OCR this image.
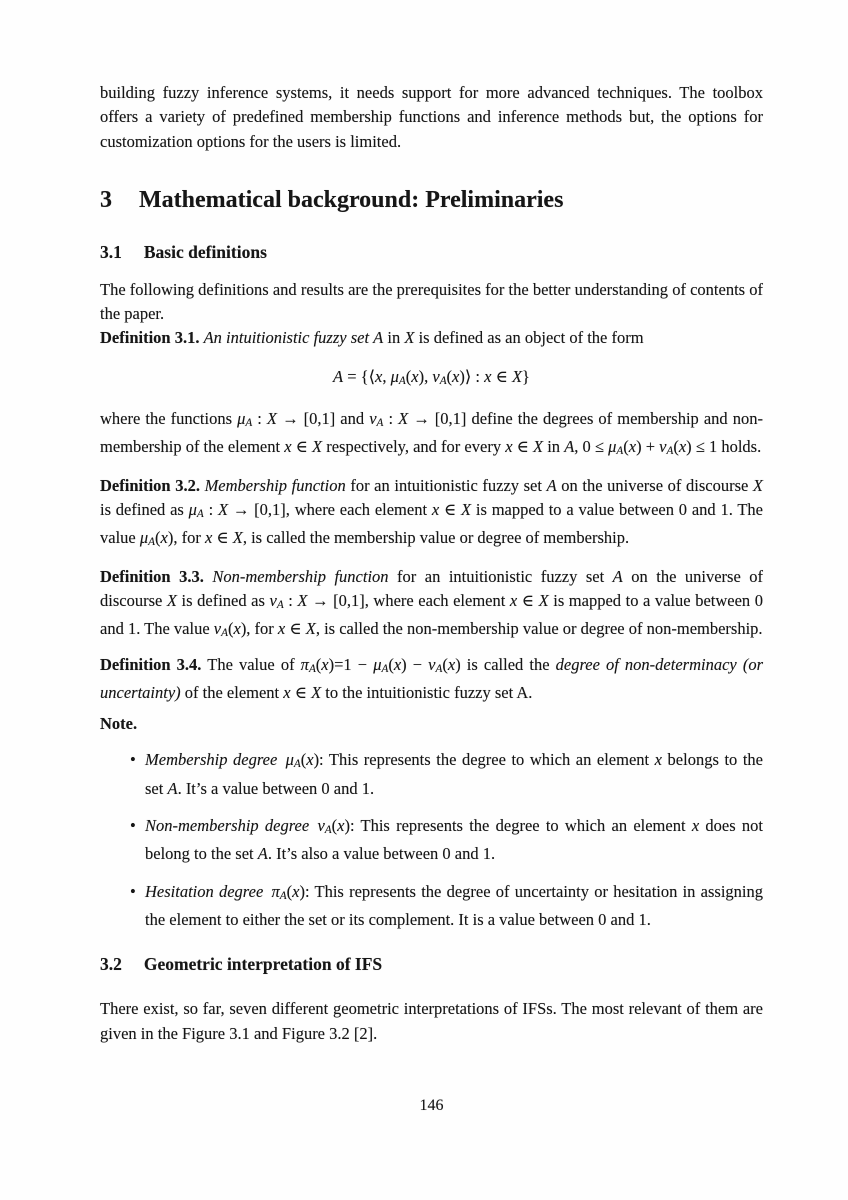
building fuzzy inference systems, it needs support for more advanced techniques. The toolbox offers a variety of predefined membership functions and inference methods but, the options for customization options for the users is limited.

3 Mathematical background: Preliminaries
3.1 Basic definitions

The following definitions and results are the prerequisites for the better understanding of contents of the paper.

Definition 3.1. An intuitionistic fuzzy set A in X is defined as an object of the form

A = {⟨x, μA(x), νA(x)⟩ : x ∈ X}

where the functions μA : X → [0,1] and νA : X → [0,1] define the degrees of membership and non-membership of the element x ∈ X respectively, and for every x ∈ X in A, 0 ≤ μA(x) + νA(x) ≤ 1 holds.

Definition 3.2. Membership function for an intuitionistic fuzzy set A on the universe of discourse X is defined as μA : X → [0,1], where each element x ∈ X is mapped to a value between 0 and 1. The value μA(x), for x ∈ X, is called the membership value or degree of membership.

Definition 3.3. Non-membership function for an intuitionistic fuzzy set A on the universe of discourse X is defined as νA : X → [0,1], where each element x ∈ X is mapped to a value between 0 and 1. The value νA(x), for x ∈ X, is called the non-membership value or degree of non-membership.

Definition 3.4. The value of πA(x)=1 − μA(x) − νA(x) is called the degree of non-determinacy (or uncertainty) of the element x ∈ X to the intuitionistic fuzzy set A.

Note.

• Membership degree μA(x): This represents the degree to which an element x belongs to the set A. It’s a value between 0 and 1.
• Non-membership degree νA(x): This represents the degree to which an element x does not belong to the set A. It’s also a value between 0 and 1.
• Hesitation degree πA(x): This represents the degree of uncertainty or hesitation in assigning the element to either the set or its complement. It is a value between 0 and 1.
3.2 Geometric interpretation of IFS

There exist, so far, seven different geometric interpretations of IFSs. The most relevant of them are given in the Figure 3.1 and Figure 3.2 [2].

146
